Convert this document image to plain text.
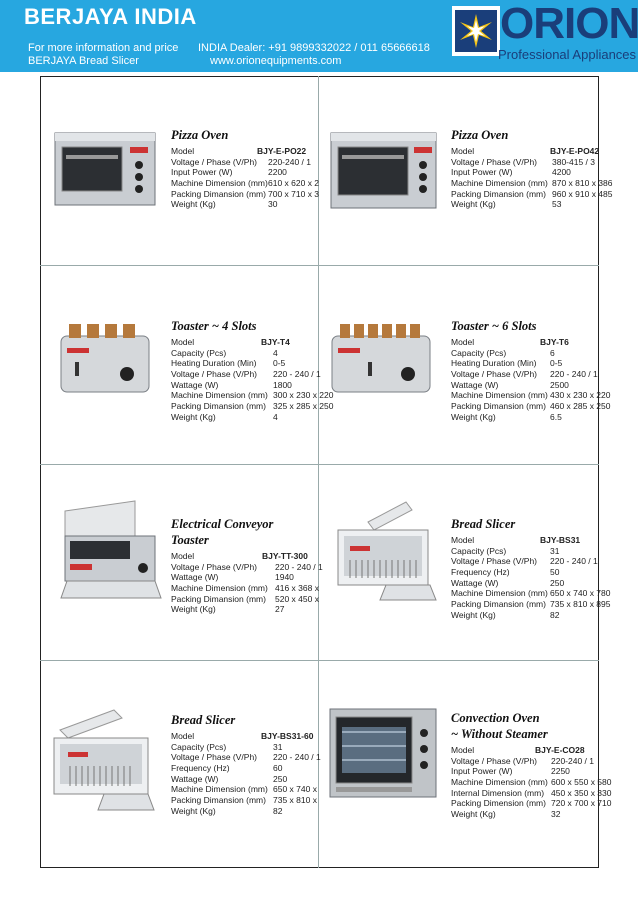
BERJAYA INDIA
For more information and price
BERJAYA Bread Slicer
INDIA Dealer: +91 9899332022 / 011 65666618
www.orionequipments.com
ORION
Professional Appliances
Pizza Oven
Model	BJY-E-PO22
Voltage / Phase (V/Ph) 220-240 / 1
Input Power (W)	2200
Machine Dimension (mm) 610 x 620 x 2
Packing Dimansion (mm) 700 x 710 x 3
Weight (Kg)	30
Pizza Oven
Model	BJY-E-PO42
Voltage / Phase (V/Ph) 380-415 / 3
Input Power (W)	4200
Machine Dimension (mm) 870 x 810 x 386
Packing Dimansion (mm) 960 x 910 x 485
Weight (Kg)	53
Toaster ~ 4 Slots
Model	BJY-T4
Capacity (Pcs)	4
Heating Duration (Min) 0-5
Voltage / Phase (V/Ph) 220 - 240 / 1
Wattage (W)	1800
Machine Dimension (mm) 300 x 230 x 220
Packing Dimansion (mm) 325 x 285 x 250
Weight (Kg)	4
Toaster ~ 6 Slots
Model	BJY-T6
Capacity (Pcs)	6
Heating Duration (Min) 0-5
Voltage / Phase (V/Ph) 220 - 240 / 1
Wattage (W)	2500
Machine Dimension (mm) 430 x 230 x 220
Packing Dimansion (mm) 460 x 285 x 250
Weight (Kg)	6.5
Electrical Conveyor
Toaster
Model	BJY-TT-300
Voltage / Phase (V/Ph) 220 - 240 / 1
Wattage (W)	1940
Machine Dimension (mm) 416 x 368 x
Packing Dimansion (mm) 520 x 450 x
Weight (Kg)	27
Bread Slicer
Model	BJY-BS31
Capacity (Pcs)	31
Voltage / Phase (V/Ph) 220 - 240 / 1
Frequency (Hz)	50
Wattage (W)	250
Machine Dimension (mm) 650 x 740 x 780
Packing Dimansion (mm) 735 x 810 x 895
Weight (Kg)	82
Bread Slicer
Model	BJY-BS31-60
Capacity (Pcs)	31
Voltage / Phase (V/Ph) 220 - 240 / 1
Frequency (Hz)	60
Wattage (W)	250
Machine Dimension (mm) 650 x 740 x
Packing Dimansion (mm) 735 x 810 x
Weight (Kg)	82
Convection Oven
~ Without Steamer
Model	BJY-E-CO28
Voltage / Phase (V/Ph) 220-240 / 1
Input Power (W)	2250
Machine Dimension (mm) 600 x 550 x 580
Internal Dimension (mm) 450 x 350 x 330
Packing Dimension (mm) 720 x 700 x 710
Weight (Kg)	32
